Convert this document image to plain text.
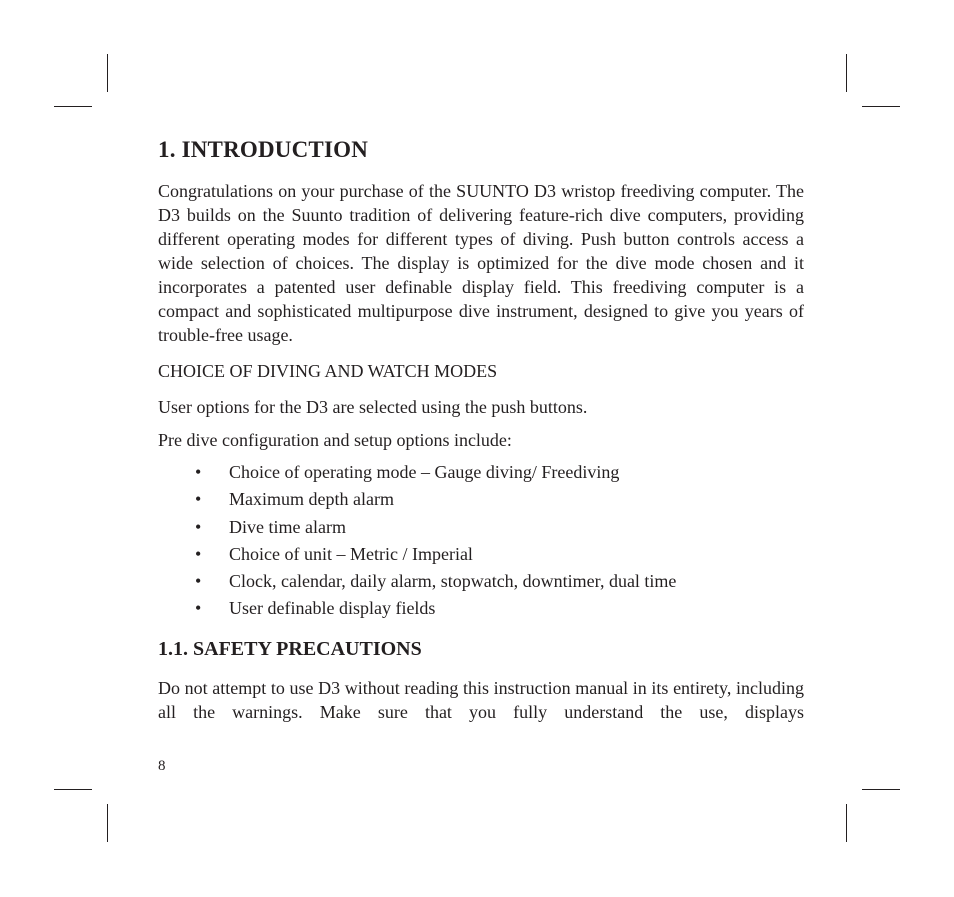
1. INTRODUCTION

Congratulations on your purchase of the SUUNTO D3 wristop freediving computer. The D3 builds on the Suunto tradition of delivering feature-rich dive computers, providing different operating modes for different types of diving. Push button controls access a wide selection of choices. The display is optimized for the dive mode chosen and it incorporates a patented user definable display field. This freediving computer is a compact and sophisticated multipurpose dive instrument, designed to give you years of trouble-free usage.

CHOICE OF DIVING AND WATCH MODES

User options for the D3 are selected using the push buttons.

Pre dive configuration and setup options include:

• Choice of operating mode – Gauge diving/ Freediving
• Maximum depth alarm
• Dive time alarm
• Choice of unit – Metric / Imperial
• Clock, calendar, daily alarm, stopwatch, downtimer, dual time
• User definable display fields
1.1. SAFETY PRECAUTIONS

Do not attempt to use D3 without reading this instruction manual in its entirety, including all the warnings. Make sure that you fully understand the use, displays

8
